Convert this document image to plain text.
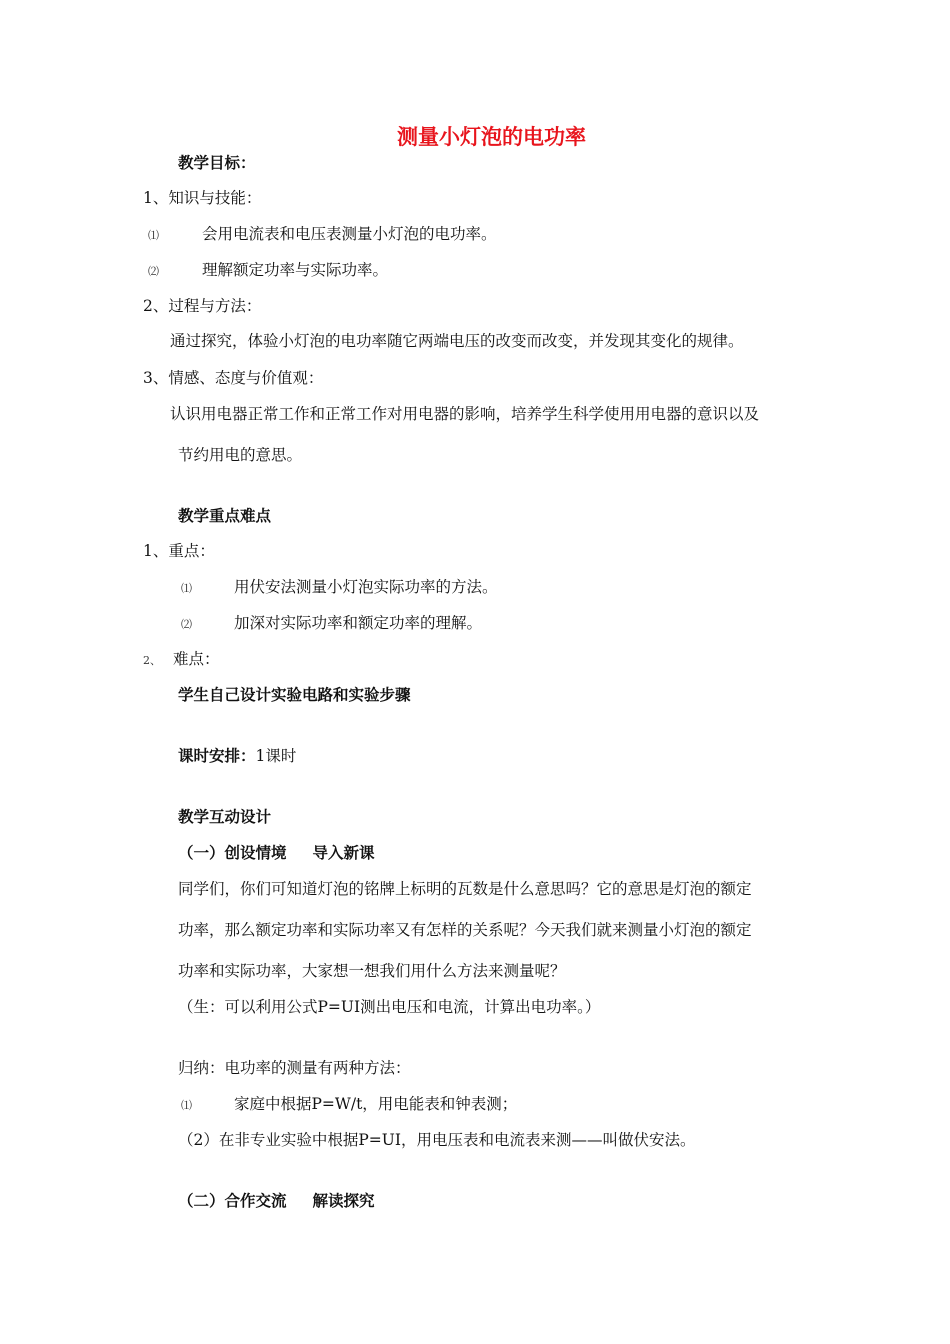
测量小灯泡的电功率
教学目标：
1、知识与技能：
⑴	会用电流表和电压表测量小灯泡的电功率。
⑵	理解额定功率与实际功率。
2、过程与方法：
通过探究，体验小灯泡的电功率随它两端电压的改变而改变，并发现其变化的规律。
3、情感、态度与价值观：
认识用电器正常工作和正常工作对用电器的影响，培养学生科学使用用电器的意识以及
节约用电的意思。
教学重点难点
1、重点：
⑴	用伏安法测量小灯泡实际功率的方法。
⑵	加深对实际功率和额定功率的理解。
2、 难点：
学生自己设计实验电路和实验步骤
课时安排：1课时
教学互动设计
（一）创设情境 导入新课
同学们，你们可知道灯泡的铭牌上标明的瓦数是什么意思吗？它的意思是灯泡的额定
功率，那么额定功率和实际功率又有怎样的关系呢？今天我们就来测量小灯泡的额定
功率和实际功率，大家想一想我们用什么方法来测量呢？
（生：可以利用公式P=UI测出电压和电流，计算出电功率。）
归纳：电功率的测量有两种方法：
⑴	家庭中根据P=W/t，用电能表和钟表测；
（2）在非专业实验中根据P=UI，用电压表和电流表来测——叫做伏安法。
（二）合作交流 解读探究
